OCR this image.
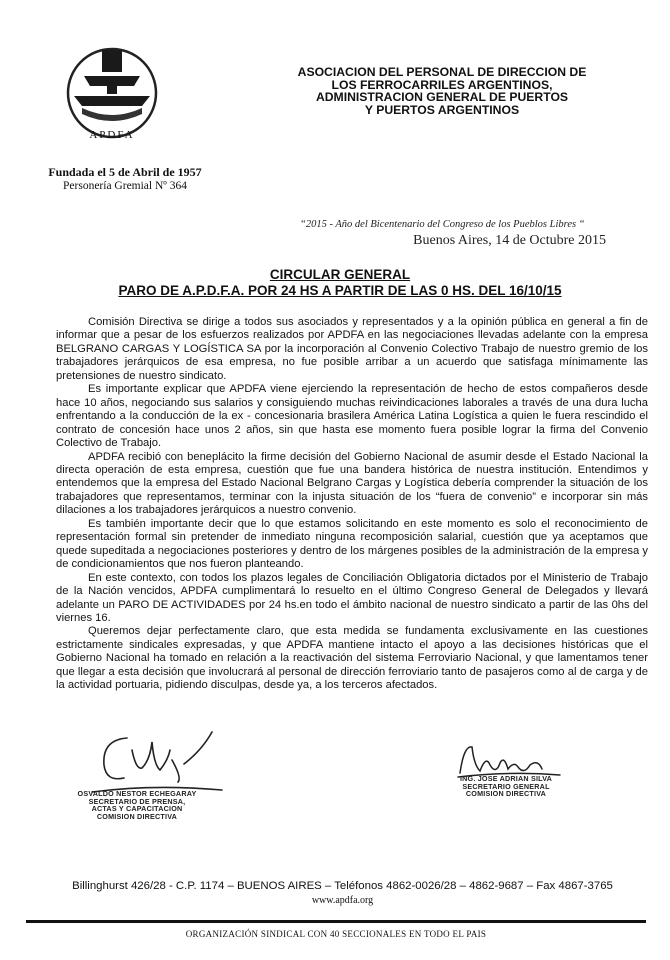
APDFA
ASOCIACION DEL PERSONAL DE DIRECCION DE
LOS FERROCARRILES ARGENTINOS,
ADMINISTRACION GENERAL DE PUERTOS
Y PUERTOS ARGENTINOS
Fundada el 5 de Abril de 1957
Personería Gremial Nº 364
“2015 - Año del Bicentenario del Congreso de los Pueblos Libres “
Buenos Aires, 14 de Octubre 2015
CIRCULAR GENERAL
PARO DE A.P.D.F.A. POR 24 HS A PARTIR DE LAS 0 HS. DEL 16/10/15

Comisión Directiva se dirige a todos sus asociados y representados y a la opinión pública en general a fin de informar que a pesar de los esfuerzos realizados por APDFA en las negociaciones llevadas adelante con la empresa BELGRANO CARGAS Y LOGÍSTICA SA por la incorporación al Convenio Colectivo Trabajo de nuestro gremio de los trabajadores jerárquicos de esa empresa, no fue posible arribar a un acuerdo que satisfaga mínimamente las pretensiones de nuestro sindicato.

Es importante explicar que APDFA viene ejerciendo la representación de hecho de estos compañeros desde hace 10 años, negociando sus salarios y consiguiendo muchas reivindicaciones laborales a través de una dura lucha enfrentando a la conducción de la ex - concesionaria brasilera América Latina Logística a quien le fuera rescindido el contrato de concesión hace unos 2 años, sin que hasta ese momento fuera posible lograr la firma del Convenio Colectivo de Trabajo.

APDFA recibió con beneplácito la firme decisión del Gobierno Nacional de asumir desde el Estado Nacional la directa operación de esta empresa, cuestión que fue una bandera histórica de nuestra institución. Entendimos y entendemos que la empresa del Estado Nacional Belgrano Cargas y Logística debería comprender la situación de los trabajadores que representamos, terminar con la injusta situación de los “fuera de convenio” e incorporar sin más dilaciones a los trabajadores jerárquicos a nuestro convenio.

Es también importante decir que lo que estamos solicitando en este momento es solo el reconocimiento de representación formal sin pretender de inmediato ninguna recomposición salarial, cuestión que ya aceptamos que quede supeditada a negociaciones posteriores y dentro de los márgenes posibles de la administración de la empresa y de condicionamientos que nos fueron planteando.

En este contexto, con todos los plazos legales de Conciliación Obligatoria dictados por el Ministerio de Trabajo de la Nación vencidos, APDFA cumplimentará lo resuelto en el último Congreso General de Delegados y llevará adelante un PARO DE ACTIVIDADES por 24 hs.en todo el ámbito nacional de nuestro sindicato a partir de las 0hs del viernes 16.

Queremos dejar perfectamente claro, que esta medida se fundamenta exclusivamente en las cuestiones estrictamente sindicales expresadas, y que APDFA mantiene intacto el apoyo a las decisiones históricas que el Gobierno Nacional ha tomado en relación a la reactivación del sistema Ferroviario Nacional, y que lamentamos tener que llegar a esta decisión que involucrará al personal de dirección ferroviario tanto de pasajeros como al de carga y de la actividad portuaria, pidiendo disculpas, desde ya, a los terceros afectados.

OSVALDO NESTOR ECHEGARAY
SECRETARIO DE PRENSA,
ACTAS Y CAPACITACION
COMISION DIRECTIVA
ING. JOSE ADRIAN SILVA
SECRETARIO GENERAL
COMISION DIRECTIVA
Billinghurst 426/28 - C.P. 1174 – BUENOS AIRES – Teléfonos 4862-0026/28 – 4862-9687 – Fax 4867-3765
www.apdfa.org
ORGANIZACIÓN SINDICAL CON 40 SECCIONALES EN TODO EL PAIS
